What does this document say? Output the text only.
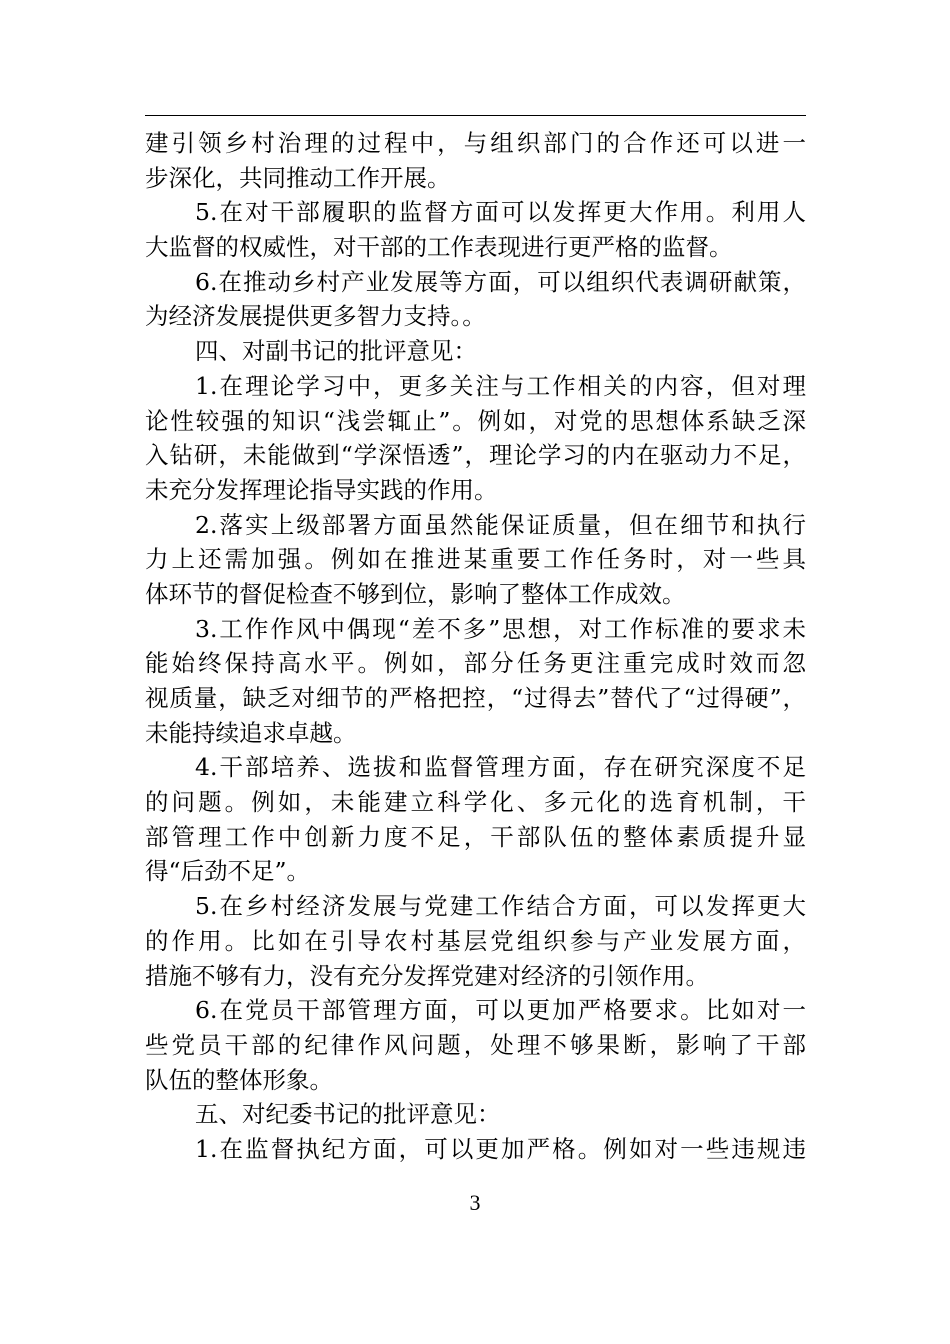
建引领乡村治理的过程中，与组织部门的合作还可以进一
步深化，共同推动工作开展。
5.在对干部履职的监督方面可以发挥更大作用。利用人
大监督的权威性，对干部的工作表现进行更严格的监督。
6.在推动乡村产业发展等方面，可以组织代表调研献策，
为经济发展提供更多智力支持。。
四、对副书记的批评意见：
1.在理论学习中，更多关注与工作相关的内容，但对理
论性较强的知识“浅尝辄止”。例如，对党的思想体系缺乏深
入钻研，未能做到“学深悟透”，理论学习的内在驱动力不足，
未充分发挥理论指导实践的作用。
2.落实上级部署方面虽然能保证质量，但在细节和执行
力上还需加强。例如在推进某重要工作任务时，对一些具
体环节的督促检查不够到位，影响了整体工作成效。
3.工作作风中偶现“差不多”思想，对工作标准的要求未
能始终保持高水平。例如，部分任务更注重完成时效而忽
视质量，缺乏对细节的严格把控，“过得去”替代了“过得硬”，
未能持续追求卓越。
4.干部培养、选拔和监督管理方面，存在研究深度不足
的问题。例如，未能建立科学化、多元化的选育机制，干
部管理工作中创新力度不足，干部队伍的整体素质提升显
得“后劲不足”。
5.在乡村经济发展与党建工作结合方面，可以发挥更大
的作用。比如在引导农村基层党组织参与产业发展方面，
措施不够有力，没有充分发挥党建对经济的引领作用。
6.在党员干部管理方面，可以更加严格要求。比如对一
些党员干部的纪律作风问题，处理不够果断，影响了干部
队伍的整体形象。
五、对纪委书记的批评意见：
1.在监督执纪方面，可以更加严格。例如对一些违规违
3
